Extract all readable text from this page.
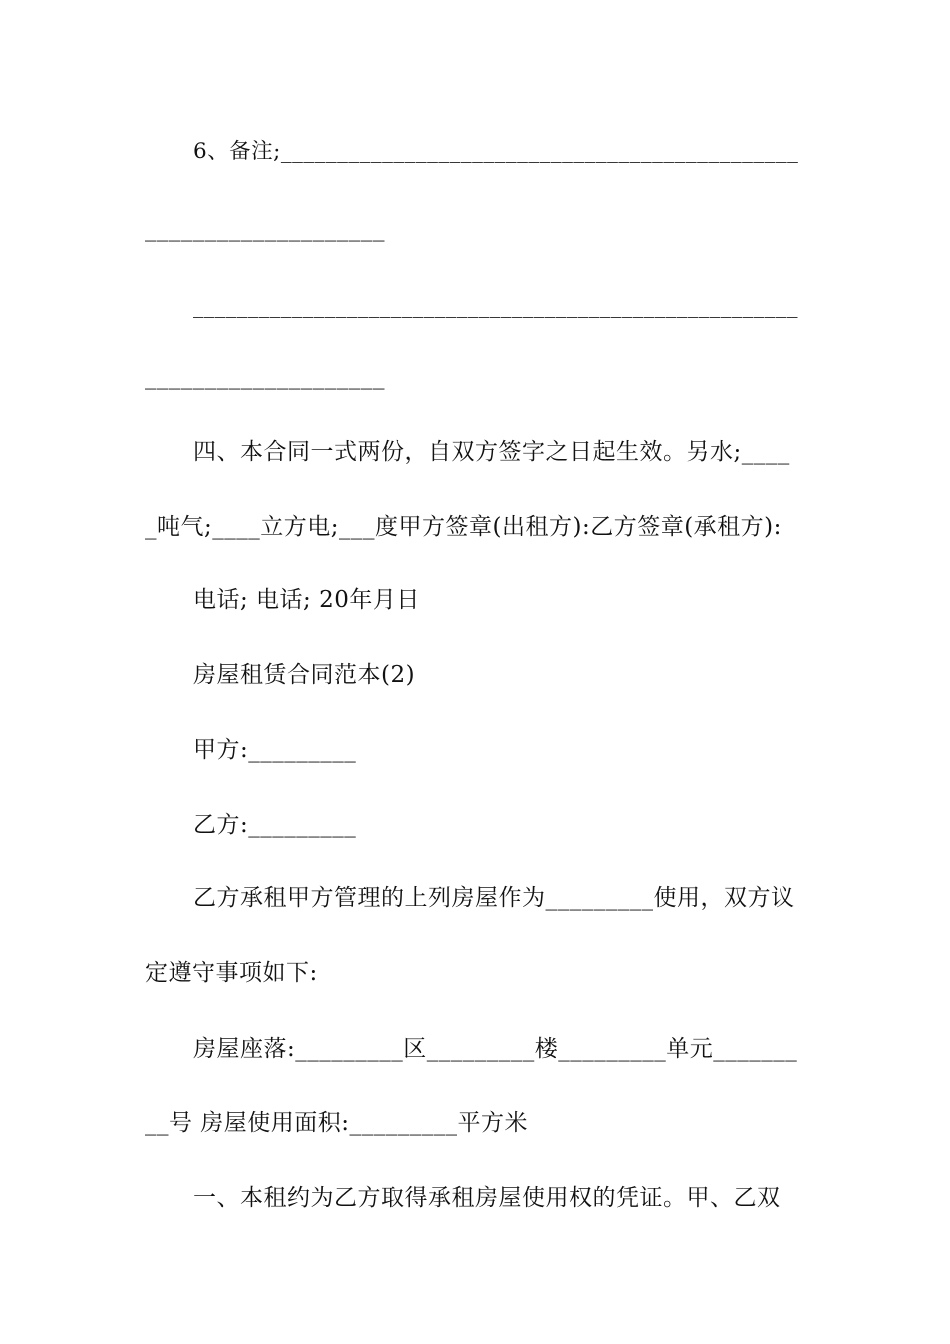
6、备注;______________________________________________
____________________
_______________________________________________________
____________________
四、本合同一式两份，自双方签字之日起生效。另水;____
_吨气;____立方电;___度甲方签章(出租方):乙方签章(承租方):
电话; 电话; 20年月日
房屋租赁合同范本(2)
甲方:_________
乙方:_________
乙方承租甲方管理的上列房屋作为_________使用，双方议
定遵守事项如下:
房屋座落:_________区_________楼_________单元_______
__号 房屋使用面积:_________平方米
一、本租约为乙方取得承租房屋使用权的凭证。甲、乙双
